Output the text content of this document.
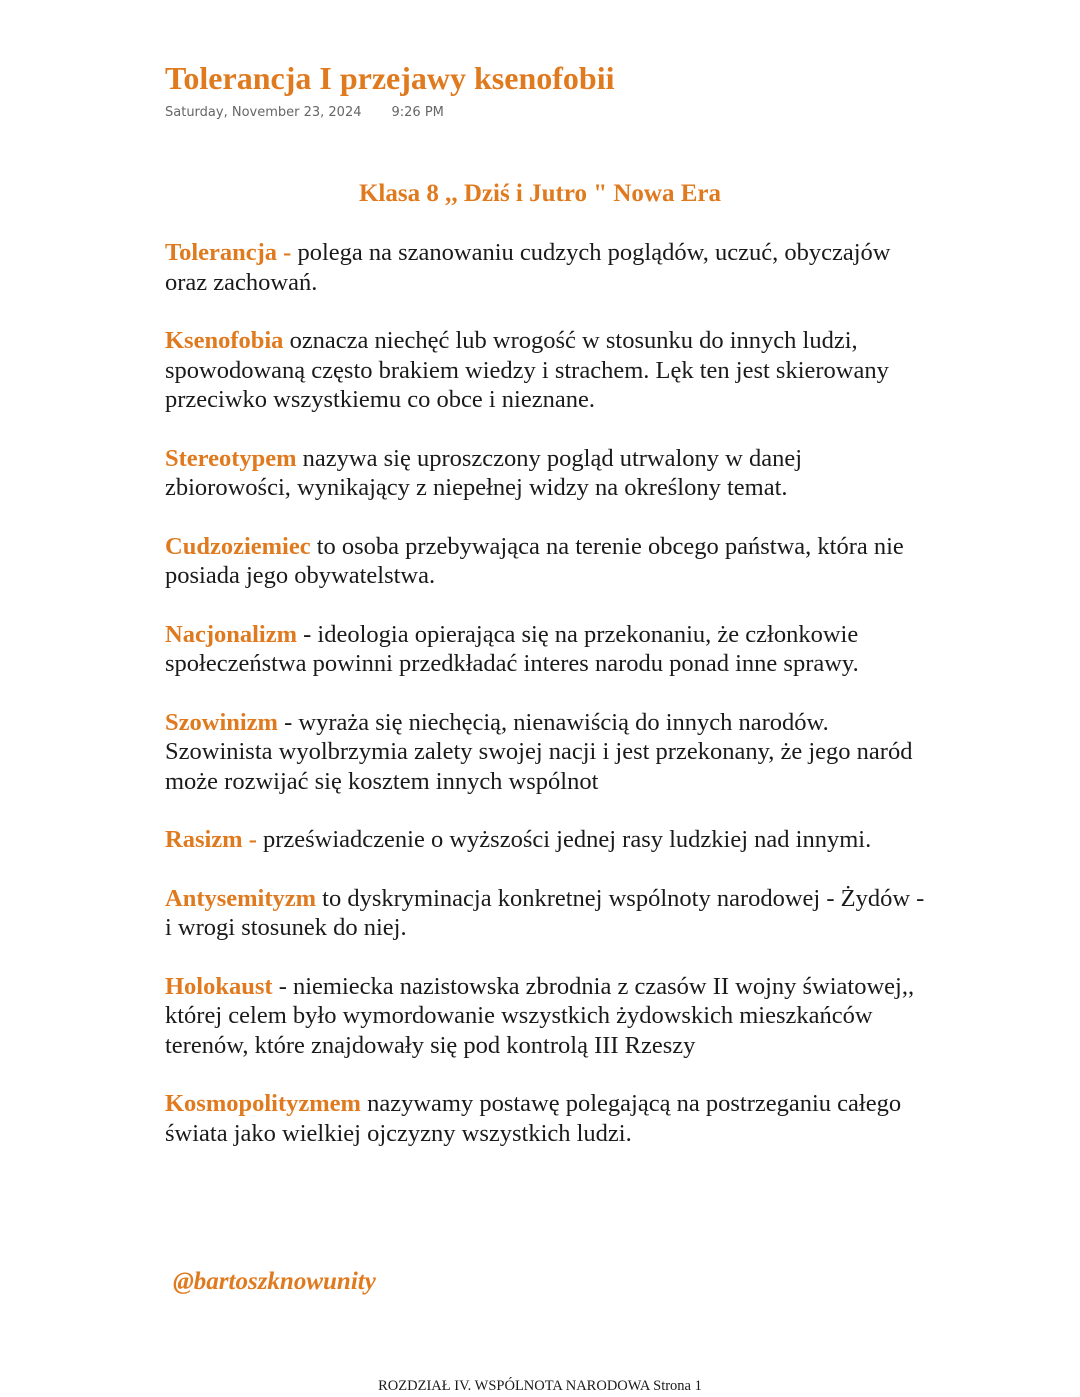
Tolerancja I przejawy ksenofobii
Saturday, November 23, 2024 9:26 PM
Klasa 8 ,, Dziś i Jutro " Nowa Era

Tolerancja - polega na szanowaniu cudzych poglądów, uczuć, obyczajów oraz zachowań.

Ksenofobia oznacza niechęć lub wrogość w stosunku do innych ludzi, spowodowaną często brakiem wiedzy i strachem. Lęk ten jest skierowany przeciwko wszystkiemu co obce i nieznane.

Stereotypem nazywa się uproszczony pogląd utrwalony w danej zbiorowości, wynikający z niepełnej widzy na określony temat.

Cudzoziemiec to osoba przebywająca na terenie obcego państwa, która nie posiada jego obywatelstwa.

Nacjonalizm - ideologia opierająca się na przekonaniu, że członkowie społeczeństwa powinni przedkładać interes narodu ponad inne sprawy.

Szowinizm - wyraża się niechęcią, nienawiścią do innych narodów. Szowinista wyolbrzymia zalety swojej nacji i jest przekonany, że jego naród może rozwijać się kosztem innych wspólnot

Rasizm - przeświadczenie o wyższości jednej rasy ludzkiej nad innymi.

Antysemityzm to dyskryminacja konkretnej wspólnoty narodowej - Żydów - i wrogi stosunek do niej.

Holokaust - niemiecka nazistowska zbrodnia z czasów II wojny światowej,, której celem było wymordowanie wszystkich żydowskich mieszkańców terenów, które znajdowały się pod kontrolą III Rzeszy

Kosmopolityzmem nazywamy postawę polegającą na postrzeganiu całego świata jako wielkiej ojczyzny wszystkich ludzi.

@bartoszknowunity
ROZDZIAŁ IV. WSPÓLNOTA NARODOWA Strona 1
